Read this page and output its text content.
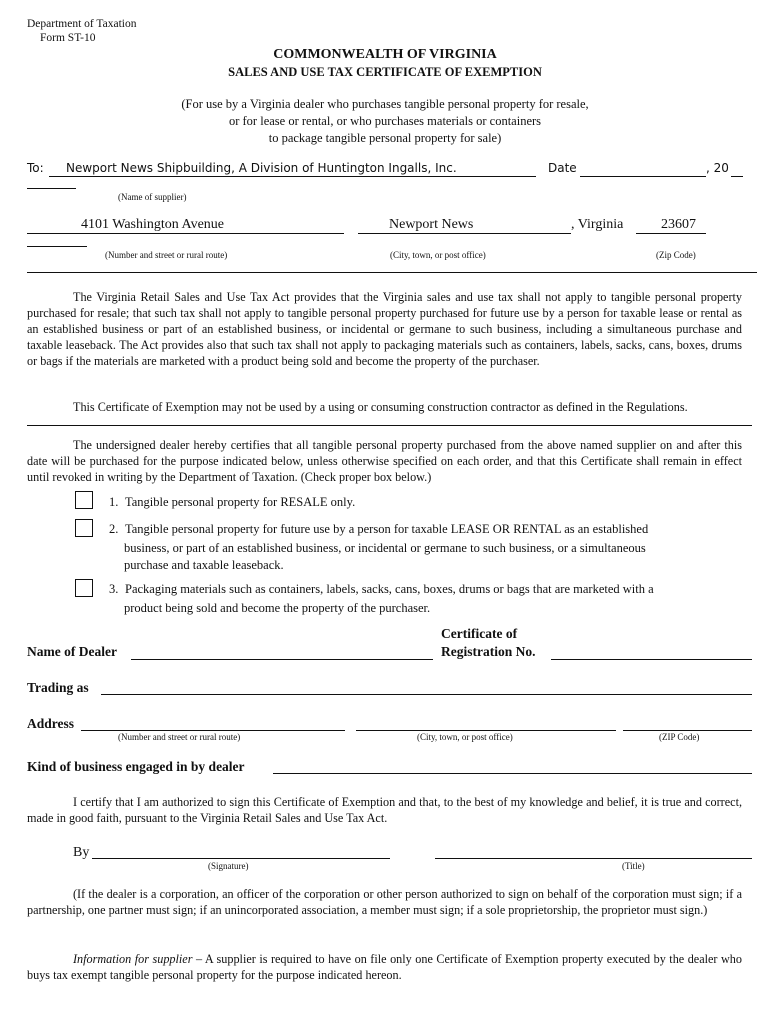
Department of Taxation
Form ST-10
COMMONWEALTH OF VIRGINIA
SALES AND USE TAX CERTIFICATE OF EXEMPTION
(For use by a Virginia dealer who purchases tangible personal property for resale,
or for lease or rental, or who purchases materials or containers
to package tangible personal property for sale)
To: Newport News Shipbuilding, A Division of Huntington Ingalls, Inc.	Date	, 20
(Name of supplier)
4101 Washington Avenue	Newport News	, Virginia	23607
(Number and street or rural route)	(City, town, or post office)	(Zip Code)
The Virginia Retail Sales and Use Tax Act provides that the Virginia sales and use tax shall not apply to tangible personal property purchased for resale; that such tax shall not apply to tangible personal property purchased for future use by a person for taxable lease or rental as an established business or part of an established business, or incidental or germane to such business, including a simultaneous purchase and taxable leaseback. The Act provides also that such tax shall not apply to packaging materials such as containers, labels, sacks, cans, boxes, drums or bags if the materials are marketed with a product being sold and become the property of the purchaser.
This Certificate of Exemption may not be used by a using or consuming construction contractor as defined in the Regulations.
The undersigned dealer hereby certifies that all tangible personal property purchased from the above named supplier on and after this date will be purchased for the purpose indicated below, unless otherwise specified on each order, and that this Certificate shall remain in effect until revoked in writing by the Department of Taxation. (Check proper box below.)
1. Tangible personal property for RESALE only.
2. Tangible personal property for future use by a person for taxable LEASE OR RENTAL as an established
business, or part of an established business, or incidental or germane to such business, or a simultaneous
purchase and taxable leaseback.
3. Packaging materials such as containers, labels, sacks, cans, boxes, drums or bags that are marketed with a
product being sold and become the property of the purchaser.
Certificate of
Name of Dealer	Registration No.
Trading as
Address
(Number and street or rural route)	(City, town, or post office)	(ZIP Code)
Kind of business engaged in by dealer
I certify that I am authorized to sign this Certificate of Exemption and that, to the best of my knowledge and belief, it is true and correct, made in good faith, pursuant to the Virginia Retail Sales and Use Tax Act.
By
(Signature)	(Title)
(If the dealer is a corporation, an officer of the corporation or other person authorized to sign on behalf of the corporation must sign; if a partnership, one partner must sign; if an unincorporated association, a member must sign; if a sole proprietorship, the proprietor must sign.)
Information for supplier – A supplier is required to have on file only one Certificate of Exemption property executed by the dealer who buys tax exempt tangible personal property for the purpose indicated hereon.
